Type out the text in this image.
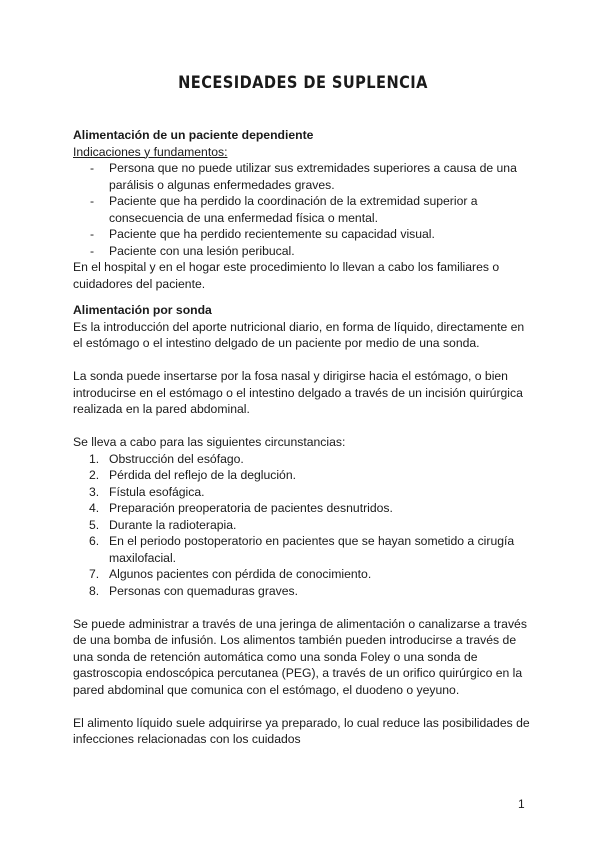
NECESIDADES DE SUPLENCIA

Alimentación de un paciente dependiente

Indicaciones y fundamentos:

- Persona que no puede utilizar sus extremidades superiores a causa de una parálisis o algunas enfermedades graves.
- Paciente que ha perdido la coordinación de la extremidad superior a consecuencia de una enfermedad física o mental.
- Paciente que ha perdido recientemente su capacidad visual.
- Paciente con una lesión peribucal.

En el hospital y en el hogar este procedimiento lo llevan a cabo los familiares o cuidadores del paciente.

Alimentación por sonda

Es la introducción del aporte nutricional diario, en forma de líquido, directamente en el estómago o el intestino delgado de un paciente por medio de una sonda.

La sonda puede insertarse por la fosa nasal y dirigirse hacia el estómago, o bien introducirse en el estómago o el intestino delgado a través de un incisión quirúrgica realizada en la pared abdominal.

Se lleva a cabo para las siguientes circunstancias:

1. Obstrucción del esófago.
2. Pérdida del reflejo de la deglución.
3. Fístula esofágica.
4. Preparación preoperatoria de pacientes desnutridos.
5. Durante la radioterapia.
6. En el periodo postoperatorio en pacientes que se hayan sometido a cirugía maxilofacial.
7. Algunos pacientes con pérdida de conocimiento.
8. Personas con quemaduras graves.

Se puede administrar a través de una jeringa de alimentación o canalizarse a través de una bomba de infusión. Los alimentos también pueden introducirse a través de una sonda de retención automática como una sonda Foley o una sonda de gastroscopia endoscópica percutanea (PEG), a través de un orifico quirúrgico en la pared abdominal que comunica con el estómago, el duodeno o yeyuno.

El alimento líquido suele adquirirse ya preparado, lo cual reduce las posibilidades de infecciones relacionadas con los cuidados

1
